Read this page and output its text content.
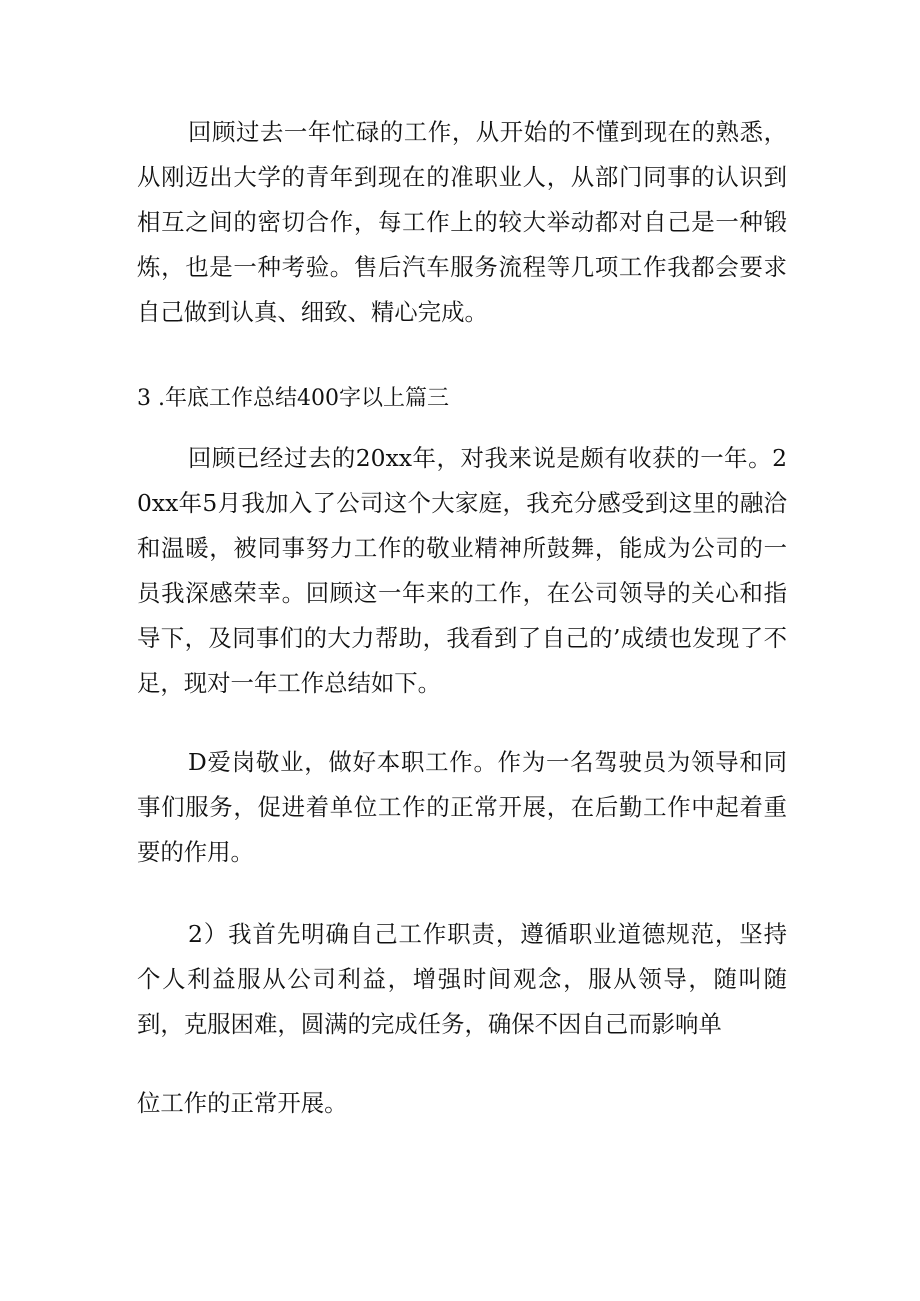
回顾过去一年忙碌的工作，从开始的不懂到现在的熟悉，从刚迈出大学的青年到现在的准职业人，从部门同事的认识到相互之间的密切合作，每工作上的较大举动都对自己是一种锻炼，也是一种考验。售后汽车服务流程等几项工作我都会要求自己做到认真、细致、精心完成。

3 .年底工作总结400字以上篇三

回顾已经过去的20xx年，对我来说是颇有收获的一年。20xx年5月我加入了公司这个大家庭，我充分感受到这里的融洽和温暖，被同事努力工作的敬业精神所鼓舞，能成为公司的一员我深感荣幸。回顾这一年来的工作，在公司领导的关心和指导下，及同事们的大力帮助，我看到了自己的’成绩也发现了不足，现对一年工作总结如下。

D爱岗敬业，做好本职工作。作为一名驾驶员为领导和同事们服务，促进着单位工作的正常开展，在后勤工作中起着重要的作用。

2）我首先明确自己工作职责，遵循职业道德规范，坚持个人利益服从公司利益，增强时间观念，服从领导，随叫随到，克服困难，圆满的完成任务，确保不因自己而影响单

位工作的正常开展。
